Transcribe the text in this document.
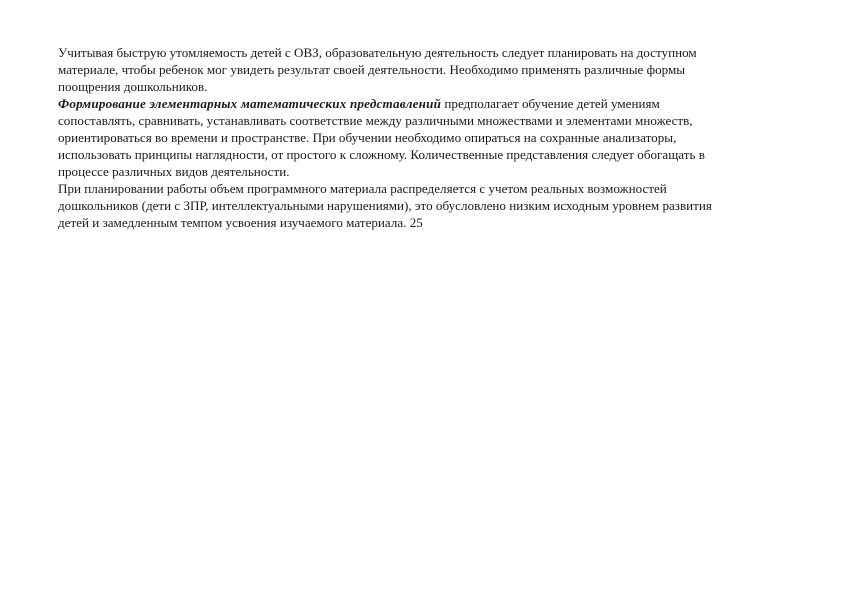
Учитывая быструю утомляемость детей с ОВЗ, образовательную деятельность следует планировать на доступном
материале, чтобы ребенок мог увидеть результат своей деятельности. Необходимо применять различные формы
поощрения дошкольников.
Формирование элементарных математических представлений предполагает обучение детей умениям
сопоставлять, сравнивать, устанавливать соответствие между различными множествами и элементами множеств,
ориентироваться во времени и пространстве. При обучении необходимо опираться на сохранные анализаторы,
использовать принципы наглядности, от простого к сложному. Количественные представления следует обогащать в
процессе различных видов деятельности.
При планировании работы объем программного материала распределяется с учетом реальных возможностей
дошкольников (дети с ЗПР, интеллектуальными нарушениями), это обусловлено низким исходным уровнем развития
детей и замедленным темпом усвоения изучаемого материала. 25
